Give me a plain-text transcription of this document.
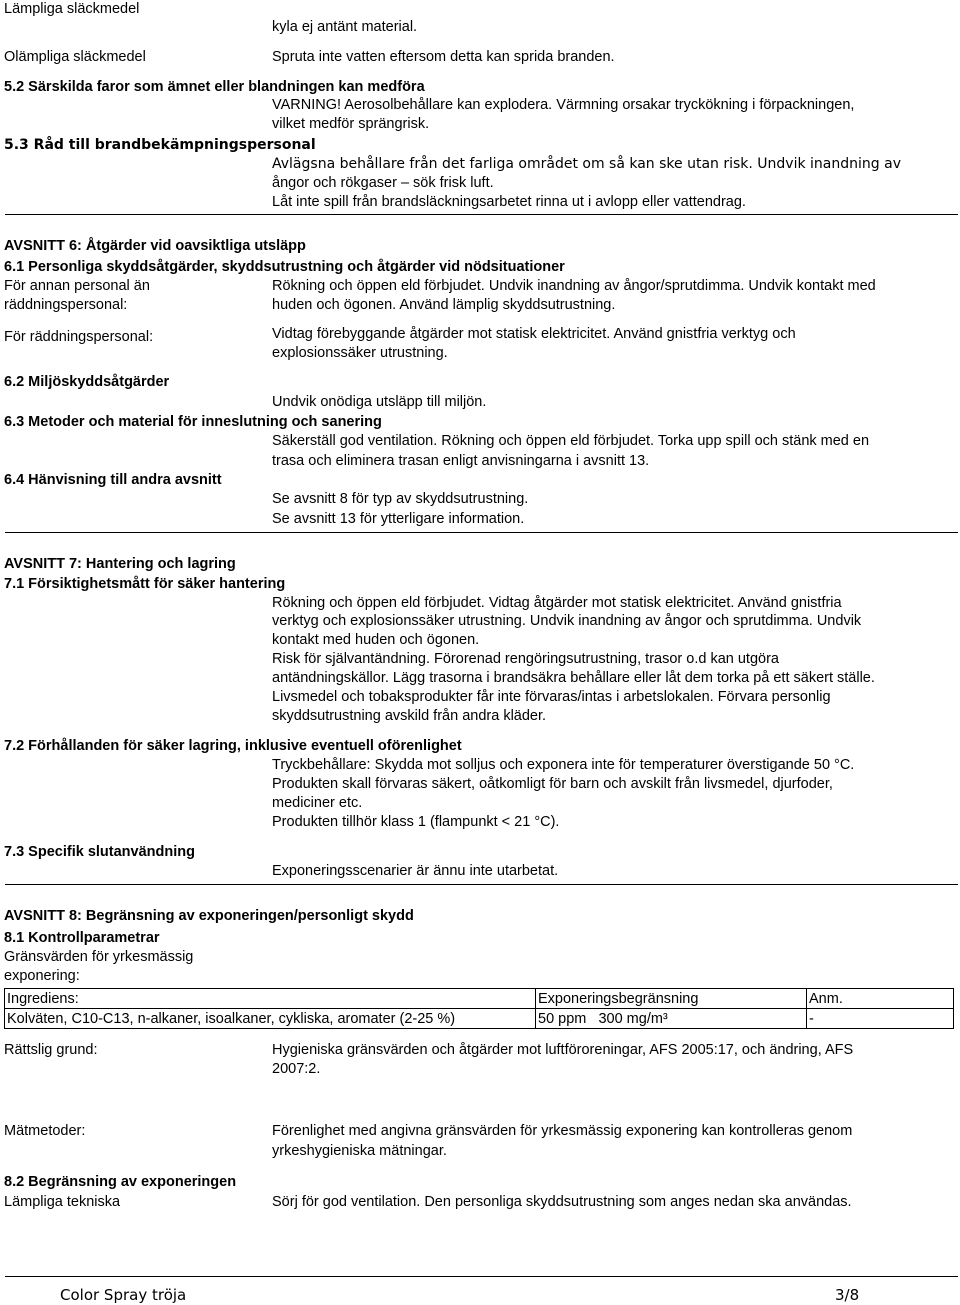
Lämpliga släckmedel
kyla ej antänt material.
Olämpliga släckmedel	Spruta inte vatten eftersom detta kan sprida branden.
5.2 Särskilda faror som ämnet eller blandningen kan medföra
VARNING! Aerosolbehållare kan explodera. Värmning orsakar tryckökning i förpackningen,
vilket medför sprängrisk.
5.3 Råd till brandbekämpningspersonal
Avlägsna behållare från det farliga området om så kan ske utan risk. Undvik inandning av
ångor och rökgaser – sök frisk luft.
Låt inte spill från brandsläckningsarbetet rinna ut i avlopp eller vattendrag.
AVSNITT 6: Åtgärder vid oavsiktliga utsläpp
6.1 Personliga skyddsåtgärder, skyddsutrustning och åtgärder vid nödsituationer
För annan personal än
räddningspersonal:
Rökning och öppen eld förbjudet. Undvik inandning av ångor/sprutdimma. Undvik kontakt med
huden och ögonen. Använd lämplig skyddsutrustning.
För räddningspersonal:	Vidtag förebyggande åtgärder mot statisk elektricitet. Använd gnistfria verktyg och
explosionssäker utrustning.
6.2 Miljöskyddsåtgärder
Undvik onödiga utsläpp till miljön.
6.3 Metoder och material för inneslutning och sanering
Säkerställ god ventilation. Rökning och öppen eld förbjudet. Torka upp spill och stänk med en
trasa och eliminera trasan enligt anvisningarna i avsnitt 13.
6.4 Hänvisning till andra avsnitt
Se avsnitt 8 för typ av skyddsutrustning.
Se avsnitt 13 för ytterligare information.
AVSNITT 7: Hantering och lagring
7.1 Försiktighetsmått för säker hantering
Rökning och öppen eld förbjudet. Vidtag åtgärder mot statisk elektricitet. Använd gnistfria
verktyg och explosionssäker utrustning. Undvik inandning av ångor och sprutdimma. Undvik
kontakt med huden och ögonen.
Risk för självantändning. Förorenad rengöringsutrustning, trasor o.d kan utgöra
antändningskällor. Lägg trasorna i brandsäkra behållare eller låt dem torka på ett säkert ställe.
Livsmedel och tobaksprodukter får inte förvaras/intas i arbetslokalen. Förvara personlig
skyddsutrustning avskild från andra kläder.
7.2 Förhållanden för säker lagring, inklusive eventuell oförenlighet
Tryckbehållare: Skydda mot solljus och exponera inte för temperaturer överstigande 50 °C.
Produkten skall förvaras säkert, oåtkomligt för barn och avskilt från livsmedel, djurfoder,
mediciner etc.
Produkten tillhör klass 1 (flampunkt < 21 °C).
7.3 Specifik slutanvändning
Exponeringsscenarier är ännu inte utarbetat.
AVSNITT 8: Begränsning av exponeringen/personligt skydd
8.1 Kontrollparametrar
Gränsvärden för yrkesmässig
exponering:
Ingrediens:	Exponeringsbegränsning	Anm.
Kolväten, C10-C13, n-alkaner, isoalkaner, cykliska, aromater (2-25 %)	50 ppm   300 mg/m³	-
Rättslig grund:	Hygieniska gränsvärden och åtgärder mot luftföroreningar, AFS 2005:17, och ändring, AFS
2007:2.
Mätmetoder:	Förenlighet med angivna gränsvärden för yrkesmässig exponering kan kontrolleras genom
yrkeshygieniska mätningar.
8.2 Begränsning av exponeringen
Lämpliga tekniska	Sörj för god ventilation. Den personliga skyddsutrustning som anges nedan ska användas.
Color Spray tröja	3/8
